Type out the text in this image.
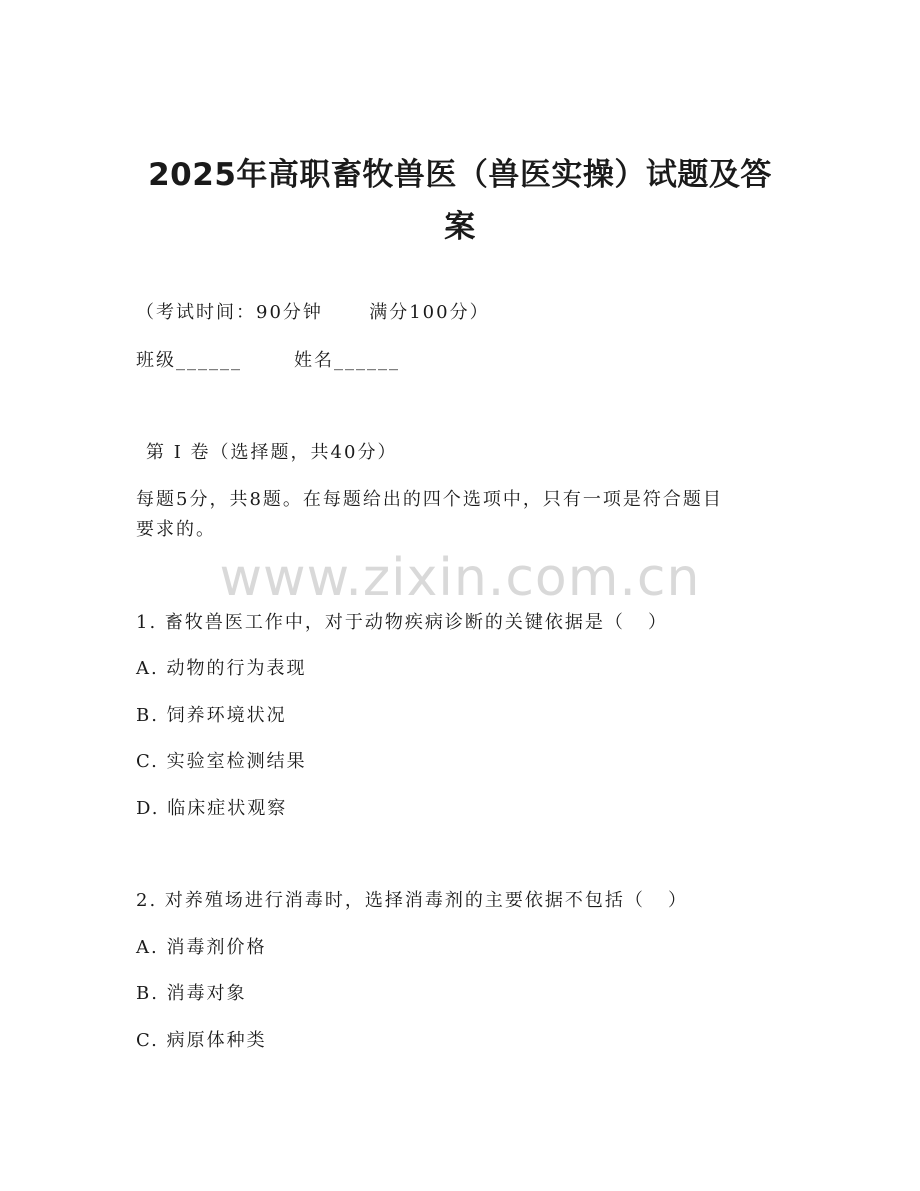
2025年高职畜牧兽医（兽医实操）试题及答
案
（考试时间：90分钟      满分100分）
班级______	姓名______
第 I 卷（选择题，共40分）
每题5分，共8题。在每题给出的四个选项中，只有一项是符合题目
要求的。
www.zixin.com.cn
1. 畜牧兽医工作中，对于动物疾病诊断的关键依据是（   ）
A. 动物的行为表现
B. 饲养环境状况
C. 实验室检测结果
D. 临床症状观察
2. 对养殖场进行消毒时，选择消毒剂的主要依据不包括（   ）
A. 消毒剂价格
B. 消毒对象
C. 病原体种类
